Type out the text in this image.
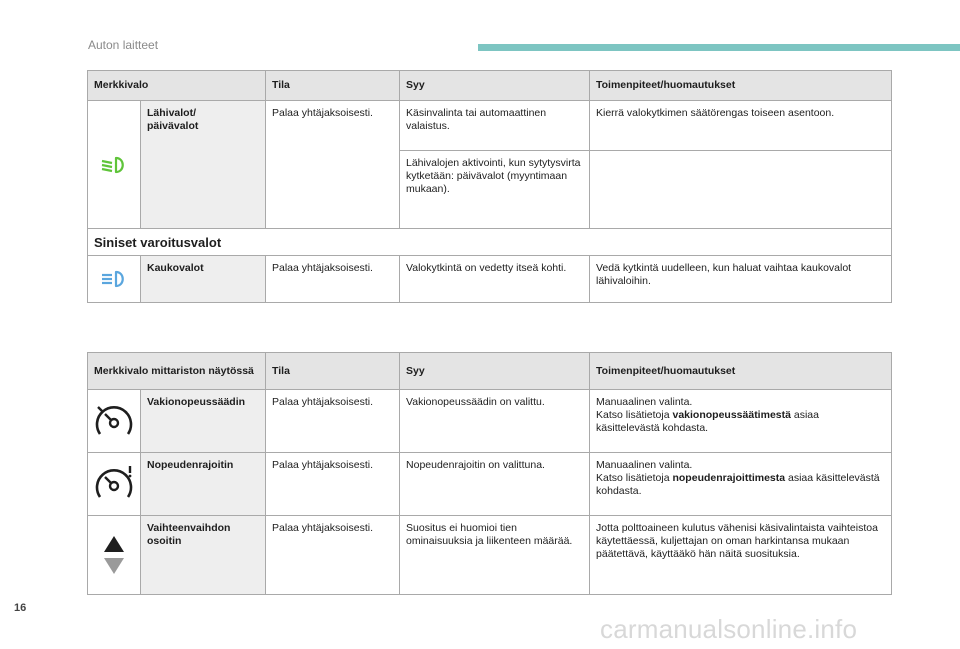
Auton laitteet
Merkkivalo		Tila	Syy	Toimenpiteet/huomautukset

Lähivalot/
päivävalot	Palaa yhtäjaksoisesti.	Käsinvalinta tai automaattinen valaistus.	Kierrä valokytkimen säätörengas toiseen asentoon.
			Lähivalojen aktivointi, kun sytytysvirta kytketään: päivävalot (myyntimaan mukaan).	
Siniset varoitusvalot				

	Kaukovalot	Palaa yhtäjaksoisesti.	Valokytkintä on vedetty itseä kohti.	Vedä kytkintä uudelleen, kun haluat vaihtaa kaukovalot lähivaloihin.
Merkkivalo mittariston näytössä		Tila	Syy	Toimenpiteet/huomautukset

	Vakionopeussäädin	Palaa yhtäjaksoisesti.	Vakionopeussäädin on valittu.	Manuaalinen valinta.
Katso lisätietoja vakionopeussäätimestä asiaa käsittelevästä kohdasta.

	Nopeudenrajoitin	Palaa yhtäjaksoisesti.	Nopeudenrajoitin on valittuna.	Manuaalinen valinta.
Katso lisätietoja nopeudenrajoittimesta asiaa käsittelevästä kohdasta.

Vaihteenvaihdon
osoitin	Palaa yhtäjaksoisesti.	Suositus ei huomioi tien ominaisuuksia ja liikenteen määrää.	Jotta polttoaineen kulutus vähenisi käsivalintaista vaihteistoa käytettäessä, kuljettajan on oman harkintansa mukaan päätettävä, käyttääkö hän näitä suosituksia.
16
carmanualsonline.info
